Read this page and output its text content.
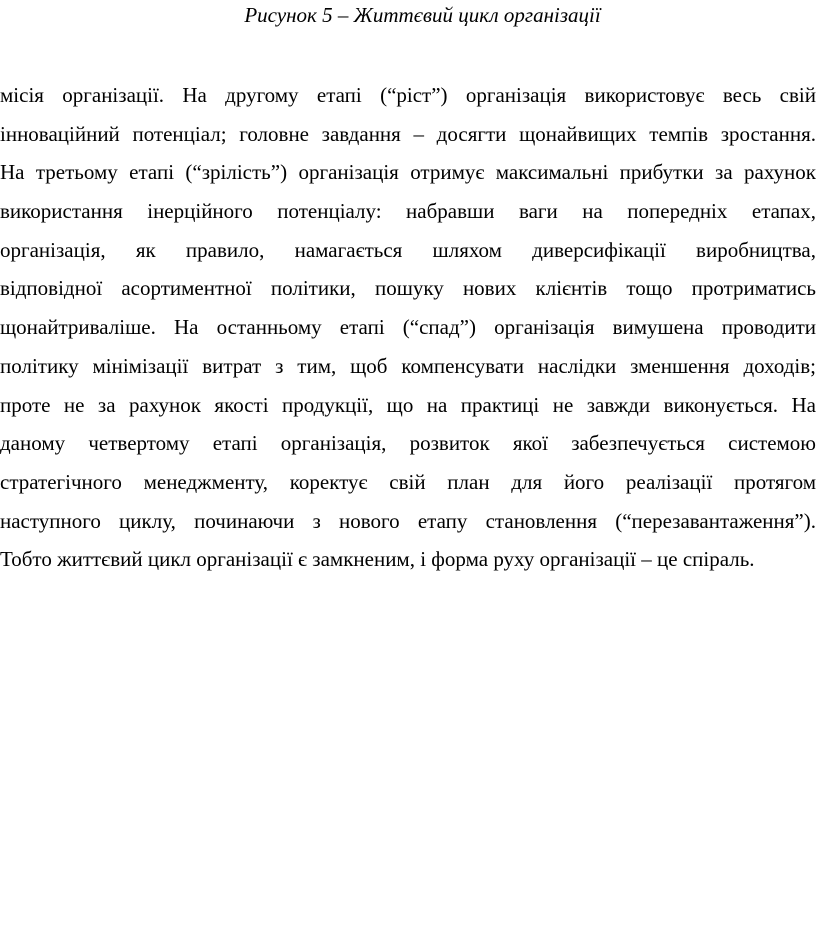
Рисунок 5 – Життєвий цикл організації
місія організації. На другому етапі (“ріст”) організація використовує весь свій
інноваційний потенціал; головне завдання – досягти щонайвищих темпів зростання.
На третьому етапі (“зрілість”) організація отримує максимальні прибутки за рахунок
використання інерційного потенціалу: набравши ваги на попередніх етапах,
організація, як правило, намагається шляхом диверсифікації виробництва,
відповідної асортиментної політики, пошуку нових клієнтів тощо протриматись
щонайтриваліше. На останньому етапі (“спад”) організація вимушена проводити
політику мінімізації витрат з тим, щоб компенсувати наслідки зменшення доходів;
проте не за рахунок якості продукції, що на практиці не завжди виконується. На
даному четвертому етапі організація, розвиток якої забезпечується системою
стратегічного менеджменту, коректує свій план для його реалізації протягом
наступного циклу, починаючи з нового етапу становлення (“перезавантаження”).
Тобто життєвий цикл організації є замкненим, і форма руху організації – це спіраль.
